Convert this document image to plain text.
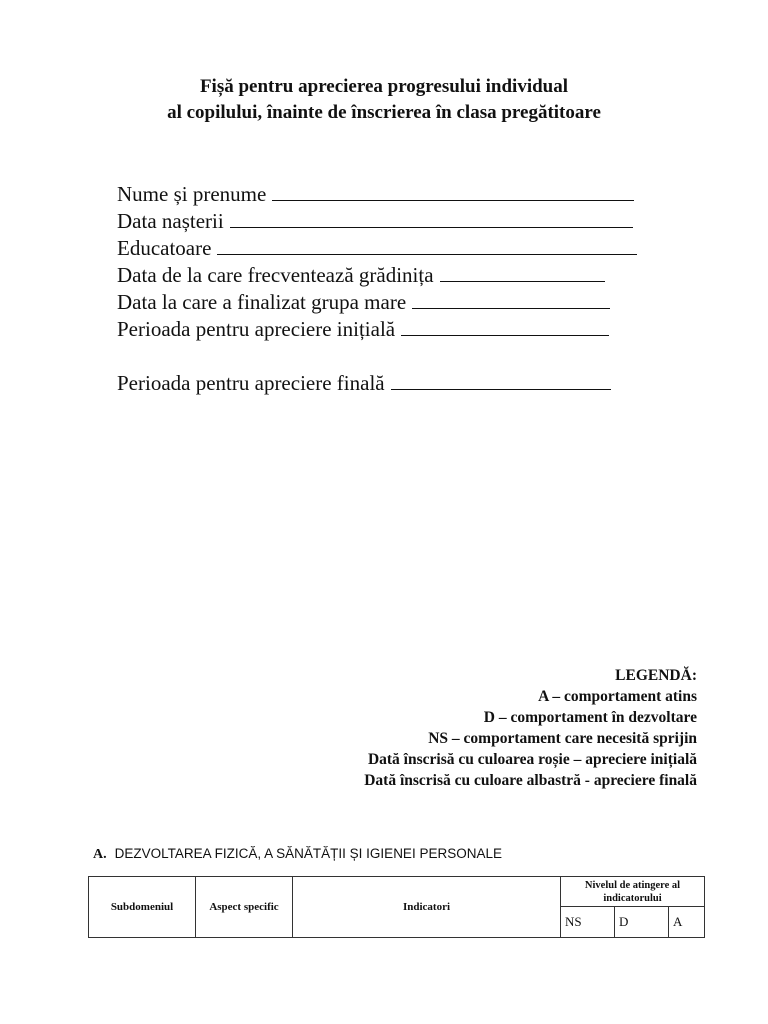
Fișă pentru aprecierea progresului individual
al copilului, înainte de înscrierea în clasa pregătitoare
Nume și prenume
Data nașterii
Educatoare
Data de la care frecventează grădinița
Data la care a finalizat grupa mare
Perioada pentru apreciere inițială
Perioada pentru apreciere finală
LEGENDĂ:
A – comportament atins
D – comportament în dezvoltare
NS – comportament care necesită sprijin
Dată înscrisă cu culoarea roșie – apreciere inițială
Dată înscrisă cu culoare albastră - apreciere finală
A. DEZVOLTAREA FIZICĂ, A SĂNĂTĂȚII ȘI IGIENEI PERSONALE
Subdomeniul	Aspect specific	Indicatori	Nivelul de atingere al indicatorului		
			NS	D	A
